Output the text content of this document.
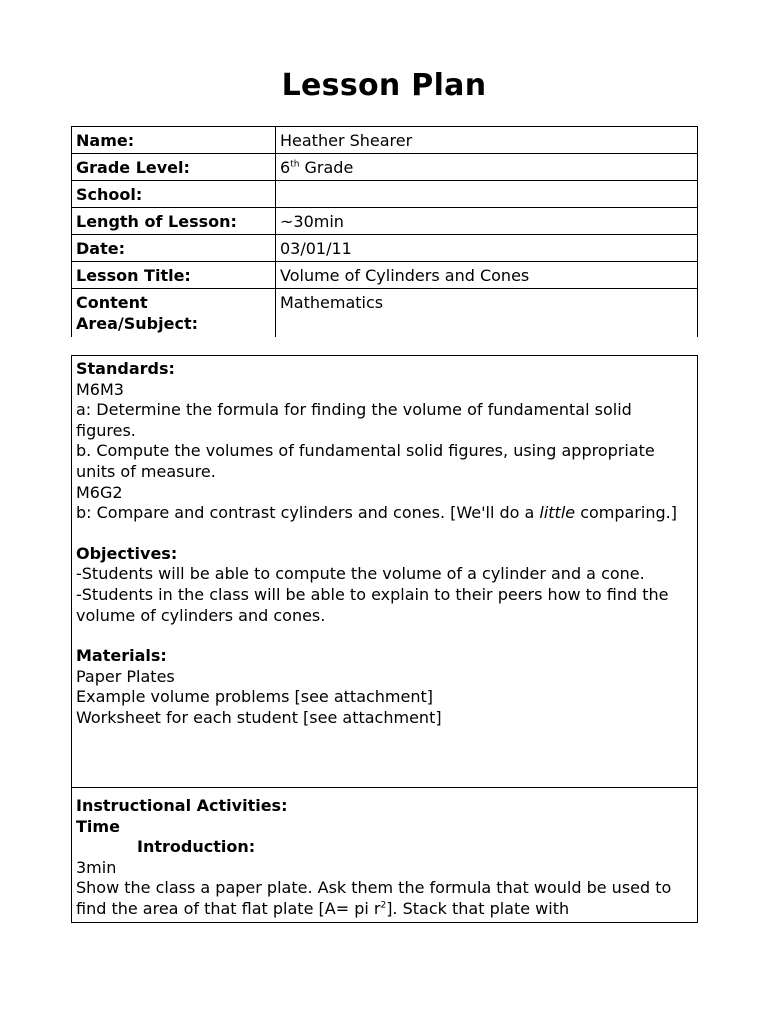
Lesson Plan
Name:	Heather Shearer
Grade Level:	6th Grade
School:	
Length of Lesson:	~30min
Date:	03/01/11
Lesson Title:	Volume of Cylinders and Cones
Content Area/Subject:	Mathematics

Standards:

M6M3

a: Determine the formula for finding the volume of fundamental solid figures.

b. Compute the volumes of fundamental solid figures, using appropriate units of measure.

M6G2

b: Compare and contrast cylinders and cones. [We'll do a little comparing.]

Objectives:

-Students will be able to compute the volume of a cylinder and a cone.

-Students in the class will be able to explain to their peers how to find the volume of cylinders and cones.

Materials:

Paper Plates

Example volume problems [see attachment]

Worksheet for each student [see attachment]

Instructional Activities:

Time

Introduction:

3min

Show the class a paper plate. Ask them the formula that would be used to find the area of that flat plate [A= pi $r^2$]. Stack that plate with
